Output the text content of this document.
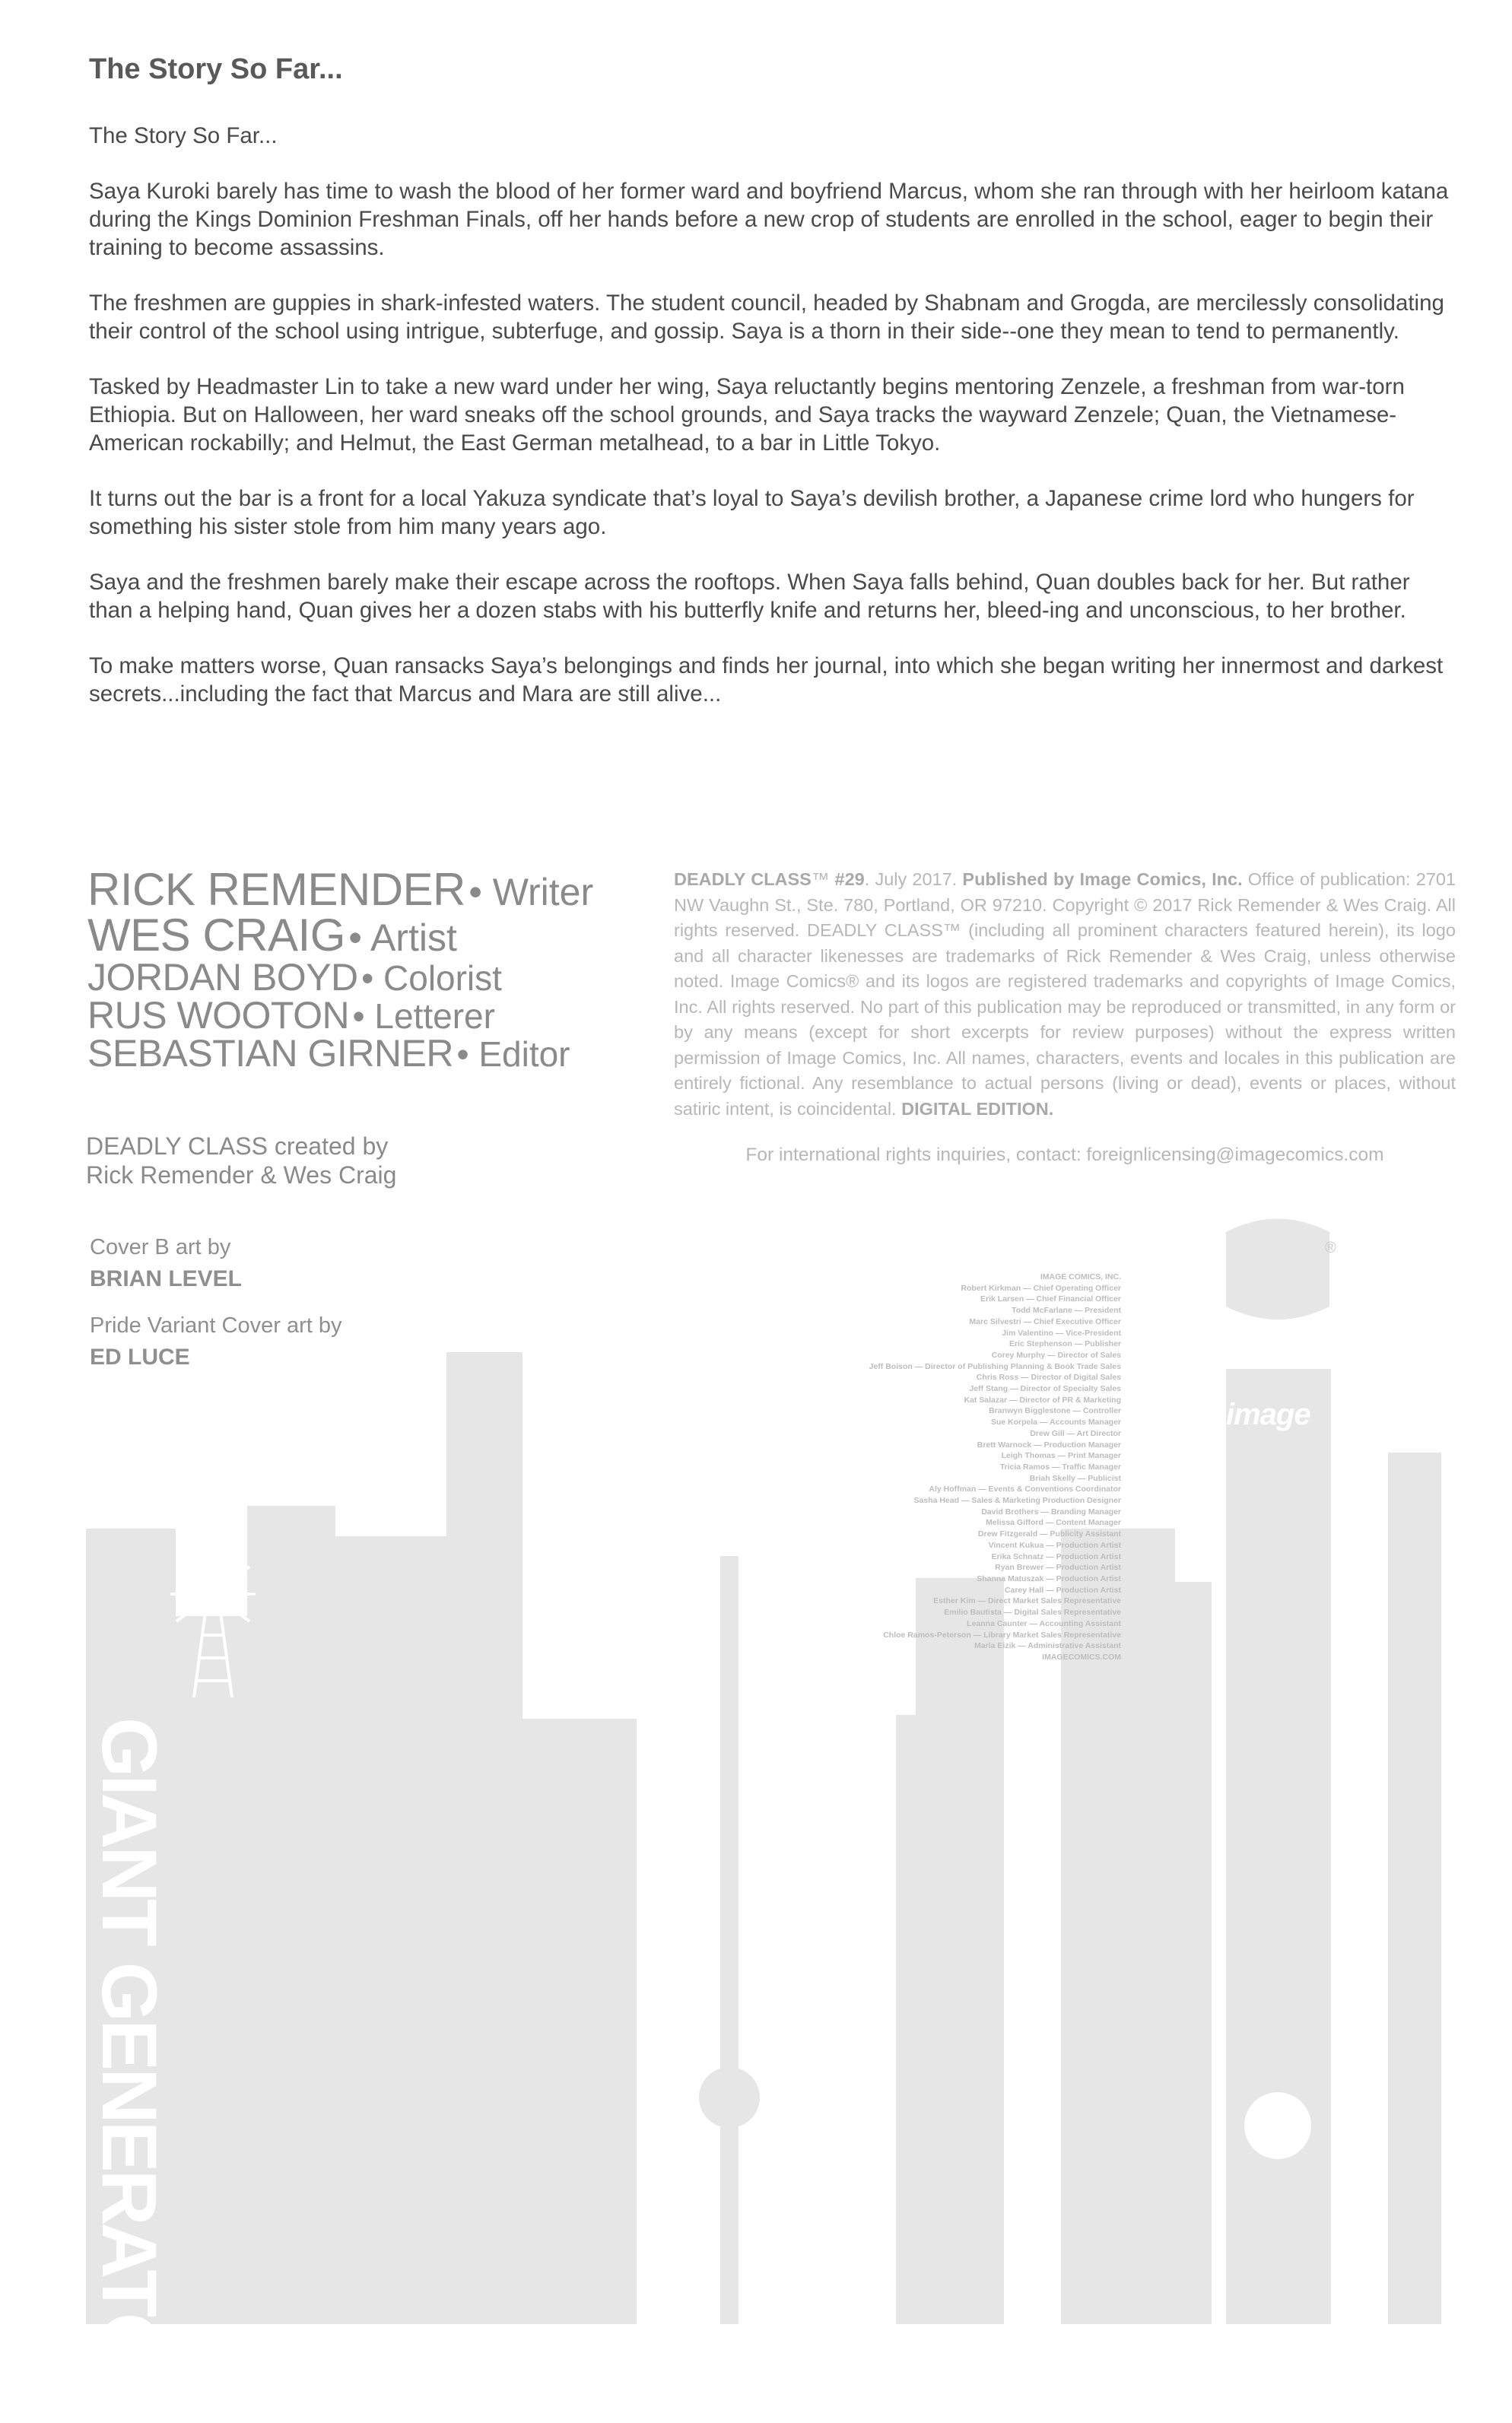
The Story So Far...

The Story So Far...

Saya Kuroki barely has time to wash the blood of her former ward and boyfriend Marcus, whom she ran through with her heirloom katana during the Kings Dominion Freshman Finals, off her hands before a new crop of students are enrolled in the school, eager to begin their training to become assassins.

The freshmen are guppies in shark-infested waters. The student council, headed by Shabnam and Grogda, are mercilessly consolidating their control of the school using intrigue, subterfuge, and gossip. Saya is a thorn in their side--one they mean to tend to permanently.

Tasked by Headmaster Lin to take a new ward under her wing, Saya reluctantly begins mentoring Zenzele, a freshman from war-torn Ethiopia. But on Halloween, her ward sneaks off the school grounds, and Saya tracks the wayward Zenzele; Quan, the Vietnamese-American rockabilly; and Helmut, the East German metalhead, to a bar in Little Tokyo.

It turns out the bar is a front for a local Yakuza syndicate that’s loyal to Saya’s devilish brother, a Japanese crime lord who hungers for something his sister stole from him many years ago.

Saya and the freshmen barely make their escape across the rooftops. When Saya falls behind, Quan doubles back for her. But rather than a helping hand, Quan gives her a dozen stabs with his butterfly knife and returns her, bleed-ing and unconscious, to her brother.

To make matters worse, Quan ransacks Saya’s belongings and finds her journal, into which she began writing her innermost and darkest secrets...including the fact that Marcus and Mara are still alive...

GIANT GENERATOR
image
®
RICK REMENDER • Writer
WES CRAIG • Artist
JORDAN BOYD • Colorist
RUS WOOTON • Letterer
SEBASTIAN GIRNER • Editor
DEADLY CLASS created by
Rick Remender & Wes Craig
Cover B art by
BRIAN LEVEL
Pride Variant Cover art by
ED LUCE
DEADLY CLASS™ #29. July 2017. Published by Image Comics, Inc. Office of publication: 2701 NW Vaughn St., Ste. 780, Portland, OR 97210. Copyright © 2017 Rick Remender & Wes Craig. All rights reserved. DEADLY CLASS™ (including all prominent characters featured herein), its logo and all character likenesses are trademarks of Rick Remender & Wes Craig, unless otherwise noted. Image Comics® and its logos are registered trademarks and copyrights of Image Comics, Inc. All rights reserved. No part of this publication may be reproduced or transmitted, in any form or by any means (except for short excerpts for review purposes) without the express written permission of Image Comics, Inc. All names, characters, events and locales in this publication are entirely fictional. Any resemblance to actual persons (living or dead), events or places, without satiric intent, is coincidental. DIGITAL EDITION.
For international rights inquiries, contact: foreignlicensing@imagecomics.com
IMAGE COMICS, INC.
Robert Kirkman — Chief Operating Officer
Erik Larsen — Chief Financial Officer
Todd McFarlane — President
Marc Silvestri — Chief Executive Officer
Jim Valentino — Vice-President
Eric Stephenson — Publisher
Corey Murphy — Director of Sales
Jeff Boison — Director of Publishing Planning & Book Trade Sales
Chris Ross — Director of Digital Sales
Jeff Stang — Director of Specialty Sales
Kat Salazar — Director of PR & Marketing
Branwyn Bigglestone — Controller
Sue Korpela — Accounts Manager
Drew Gill — Art Director
Brett Warnock — Production Manager
Leigh Thomas — Print Manager
Tricia Ramos — Traffic Manager
Briah Skelly — Publicist
Aly Hoffman — Events & Conventions Coordinator
Sasha Head — Sales & Marketing Production Designer
David Brothers — Branding Manager
Melissa Gifford — Content Manager
Drew Fitzgerald — Publicity Assistant
Vincent Kukua — Production Artist
Erika Schnatz — Production Artist
Ryan Brewer — Production Artist
Shanna Matuszak — Production Artist
Carey Hall — Production Artist
Esther Kim — Direct Market Sales Representative
Emilio Bautista — Digital Sales Representative
Leanna Caunter — Accounting Assistant
Chloe Ramos-Peterson — Library Market Sales Representative
Marla Eizik — Administrative Assistant
IMAGECOMICS.COM
